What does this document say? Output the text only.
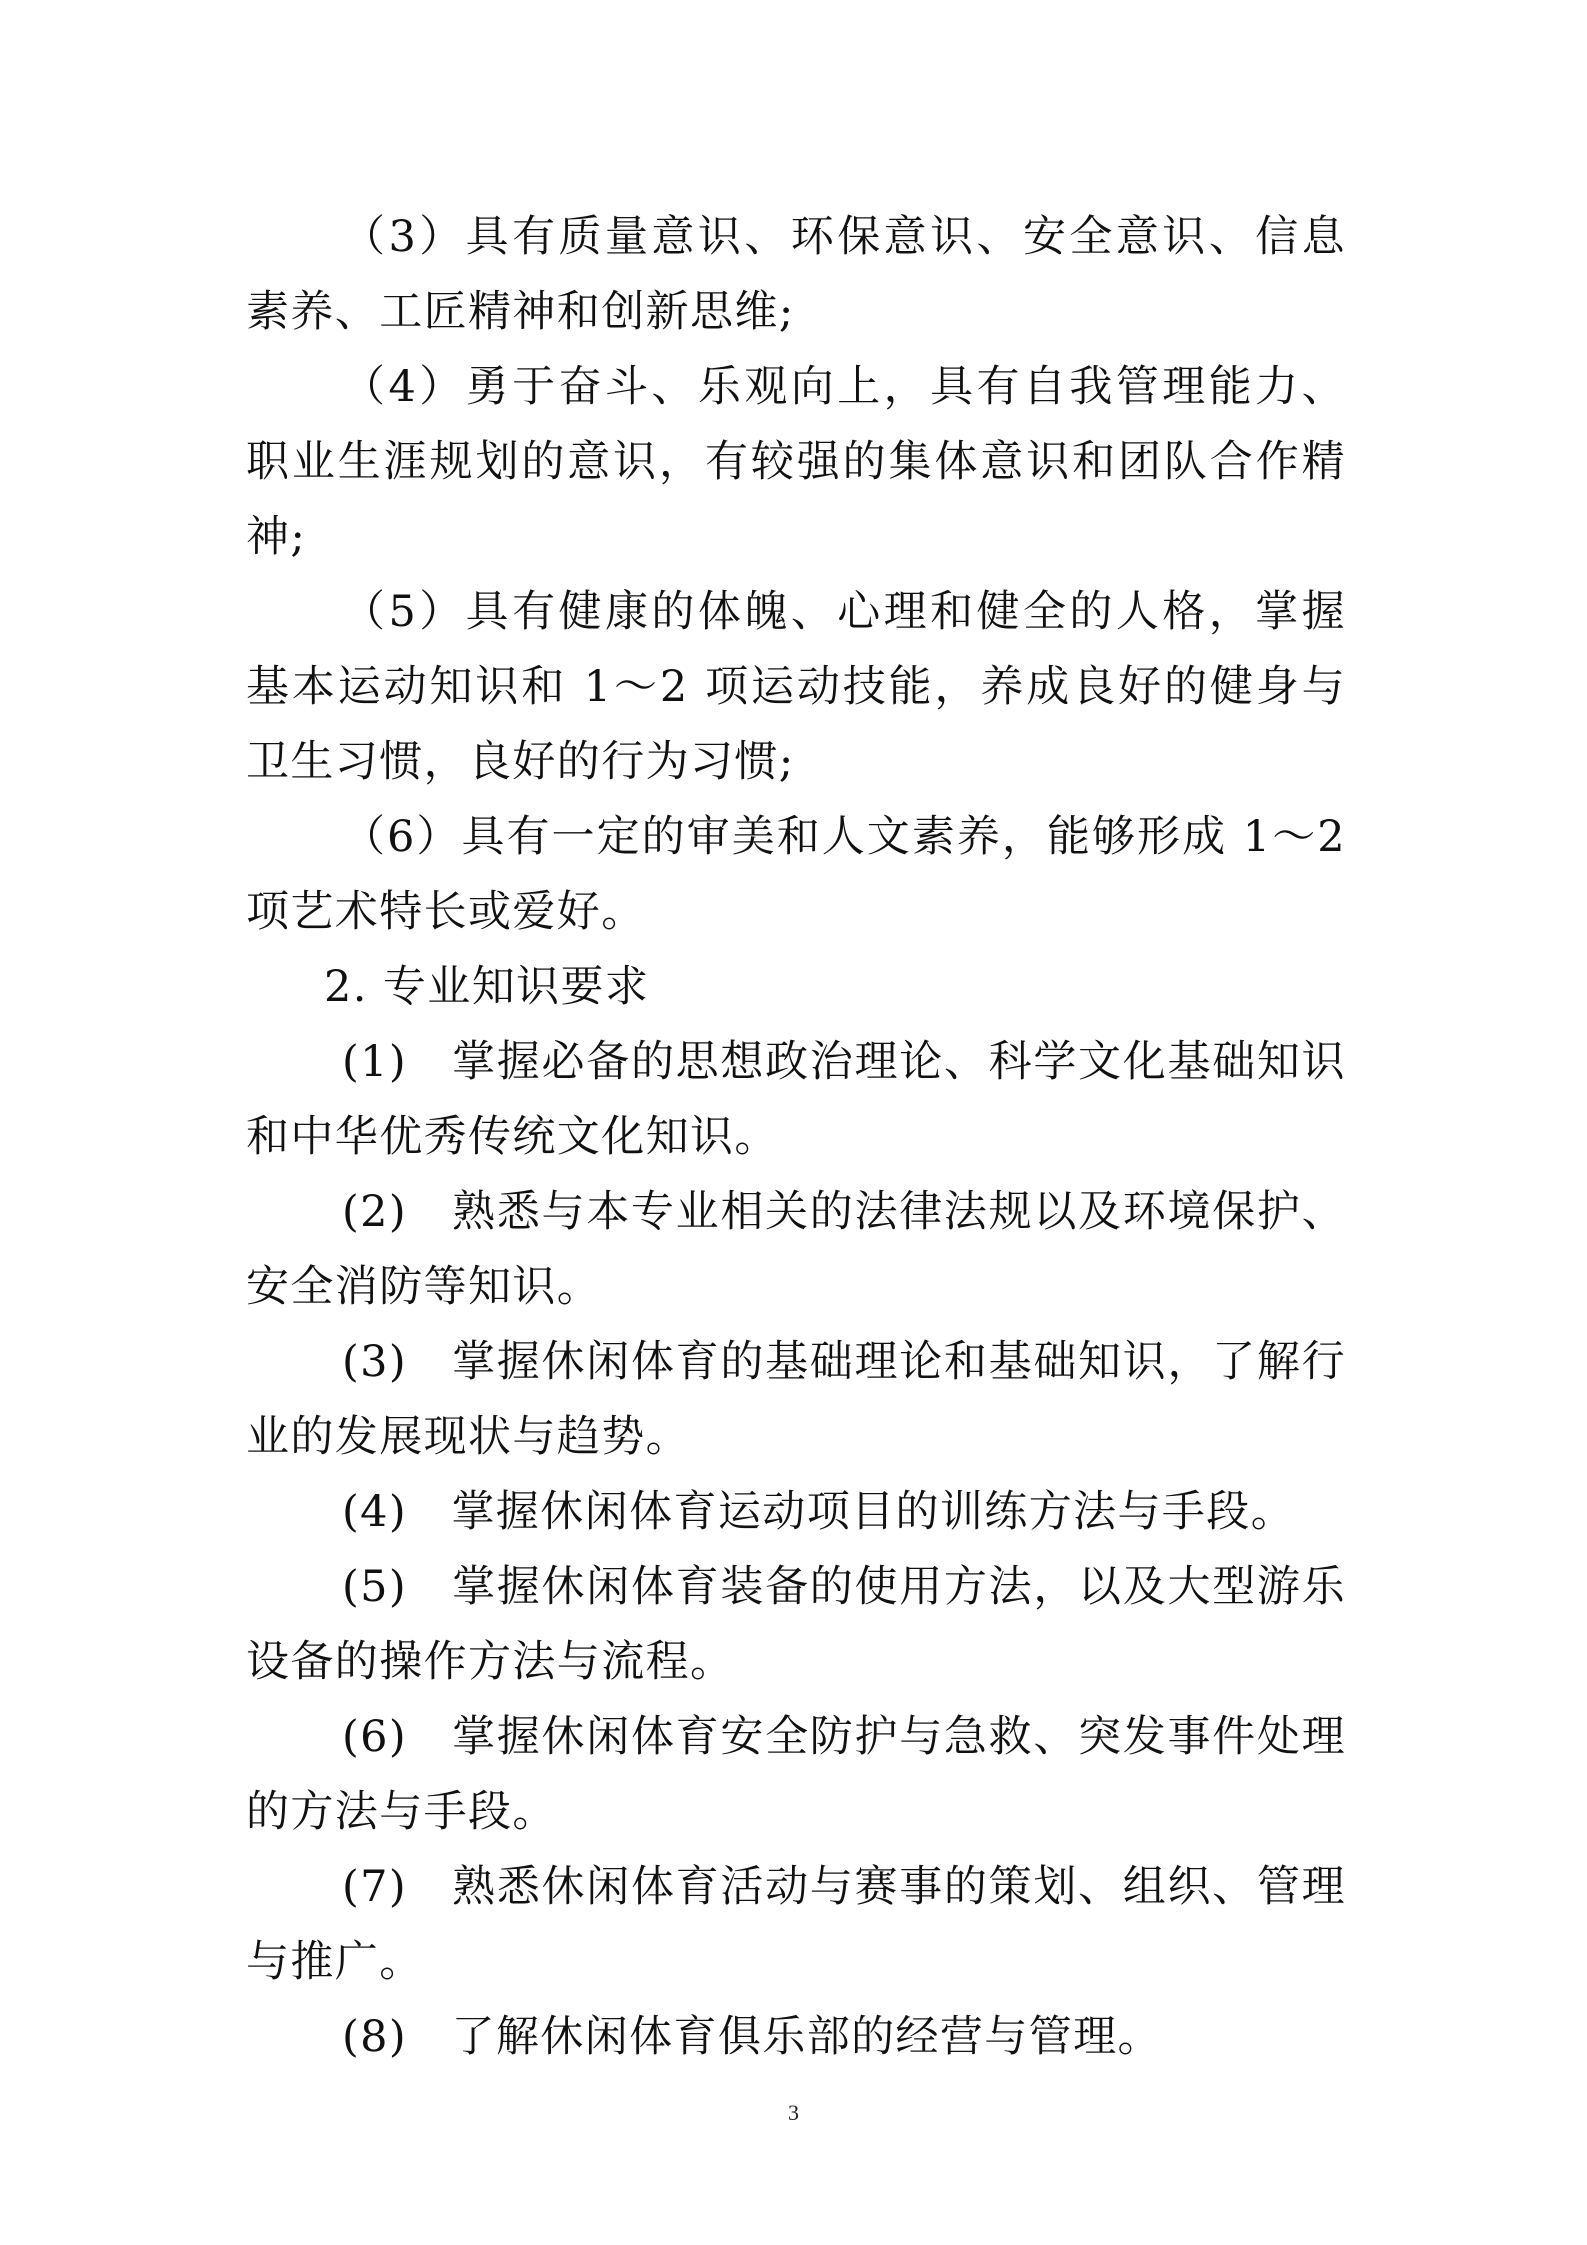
（3）具有质量意识、环保意识、安全意识、信息素养、工匠精神和创新思维;

（4）勇于奋斗、乐观向上，具有自我管理能力、职业生涯规划的意识，有较强的集体意识和团队合作精神;

（5）具有健康的体魄、心理和健全的人格，掌握基本运动知识和 1～2 项运动技能，养成良好的健身与卫生习惯，良好的行为习惯;

（6）具有一定的审美和人文素养，能够形成 1～2 项艺术特长或爱好。

2. 专业知识要求

(1)　掌握必备的思想政治理论、科学文化基础知识和中华优秀传统文化知识。

(2)　熟悉与本专业相关的法律法规以及环境保护、安全消防等知识。

(3)　掌握休闲体育的基础理论和基础知识，了解行业的发展现状与趋势。

(4)　掌握休闲体育运动项目的训练方法与手段。

(5)　掌握休闲体育装备的使用方法，以及大型游乐设备的操作方法与流程。

(6)　掌握休闲体育安全防护与急救、突发事件处理的方法与手段。

(7)　熟悉休闲体育活动与赛事的策划、组织、管理与推广。

(8)　了解休闲体育俱乐部的经营与管理。

3
